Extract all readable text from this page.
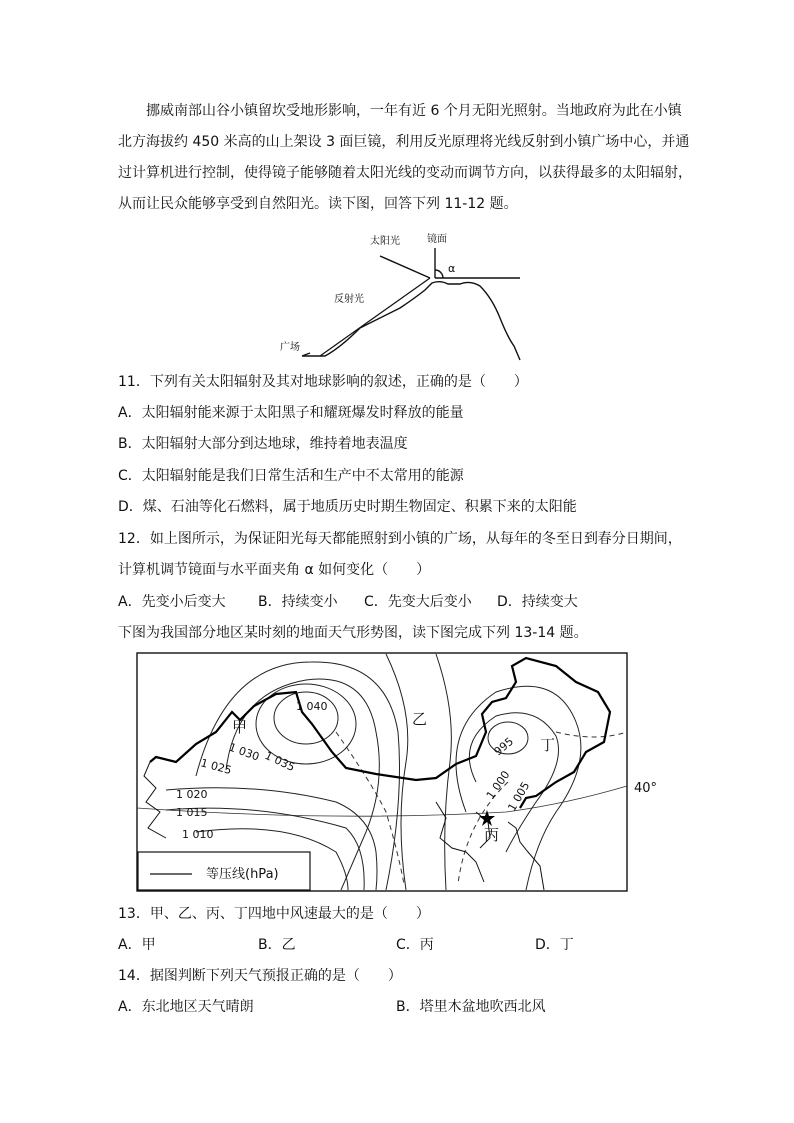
挪威南部山谷小镇留坎受地形影响，一年有近 6 个月无阳光照射。当地政府为此在小镇
北方海拔约 450 米高的山上架设 3 面巨镜，利用反光原理将光线反射到小镇广场中心，并通
过计算机进行控制，使得镜子能够随着太阳光线的变动而调节方向，以获得最多的太阳辐射，
从而让民众能够享受到自然阳光。读下图，回答下列 11-12 题。
太阳光	镜面
α
反射光
广场
11．下列有关太阳辐射及其对地球影响的叙述，正确的是（　　）
A．太阳辐射能来源于太阳黑子和耀斑爆发时释放的能量
B．太阳辐射大部分到达地球，维持着地表温度
C．太阳辐射能是我们日常生活和生产中不太常用的能源
D．煤、石油等化石燃料，属于地质历史时期生物固定、积累下来的太阳能
12．如上图所示，为保证阳光每天都能照射到小镇的广场，从每年的冬至日到春分日期间，
计算机调节镜面与水平面夹角 α 如何变化（　　）
A．先变小后变大 B．持续变小 C．先变大后变小 D．持续变大
下图为我国部分地区某时刻的地面天气形势图，读下图完成下列 13-14 题。
甲	乙
丙
丁
1 040
1 035
1 030
1 025
1 020
1 015
1 010
995
1 000
1 005	40°
等压线(hPa)
13．甲、乙、丙、丁四地中风速最大的是（　　）
A．甲	B．乙	C．丙	D．丁
14．据图判断下列天气预报正确的是（　　）
A．东北地区天气晴朗	B．塔里木盆地吹西北风
